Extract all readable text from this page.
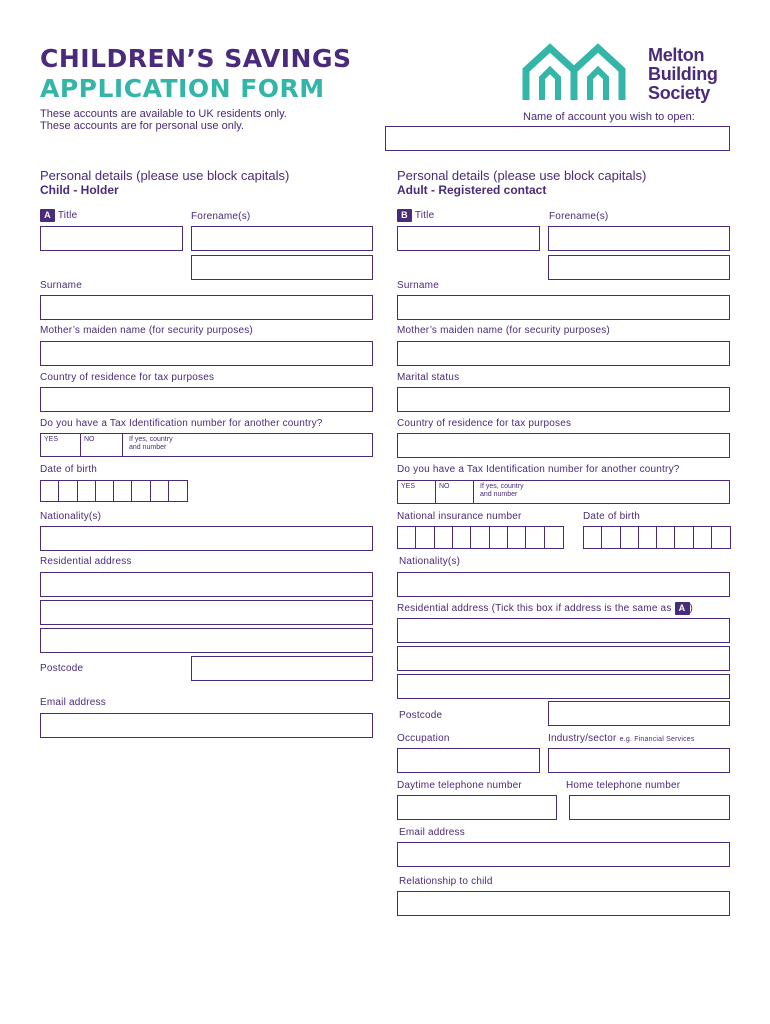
CHILDREN’S SAVINGS
APPLICATION FORM
These accounts are available to UK residents only.
These accounts are for personal use only.
Melton
Building
Society
Name of account you wish to open:
Personal details (please use block capitals)
Child - Holder
A Title	Forename(s)
Surname
Mother’s maiden name (for security purposes)
Country of residence for tax purposes
Do you have a Tax Identification number for another country?
YES	NO	If yes, country
and number
Date of birth
Nationality(s)
Residential address
Postcode
Email address
Personal details (please use block capitals)
Adult - Registered contact
B Title	Forename(s)
Surname
Mother’s maiden name (for security purposes)
Marital status
Country of residence for tax purposes
Do you have a Tax Identification number for another country?
YES	NO	If yes, country
and number
National insurance number	Date of birth
Nationality(s)
Residential address (Tick this box if address is the same as A )
Postcode
Occupation	Industry/sector e.g. Financial Services
Daytime telephone number	Home telephone number
Email address
Relationship to child
